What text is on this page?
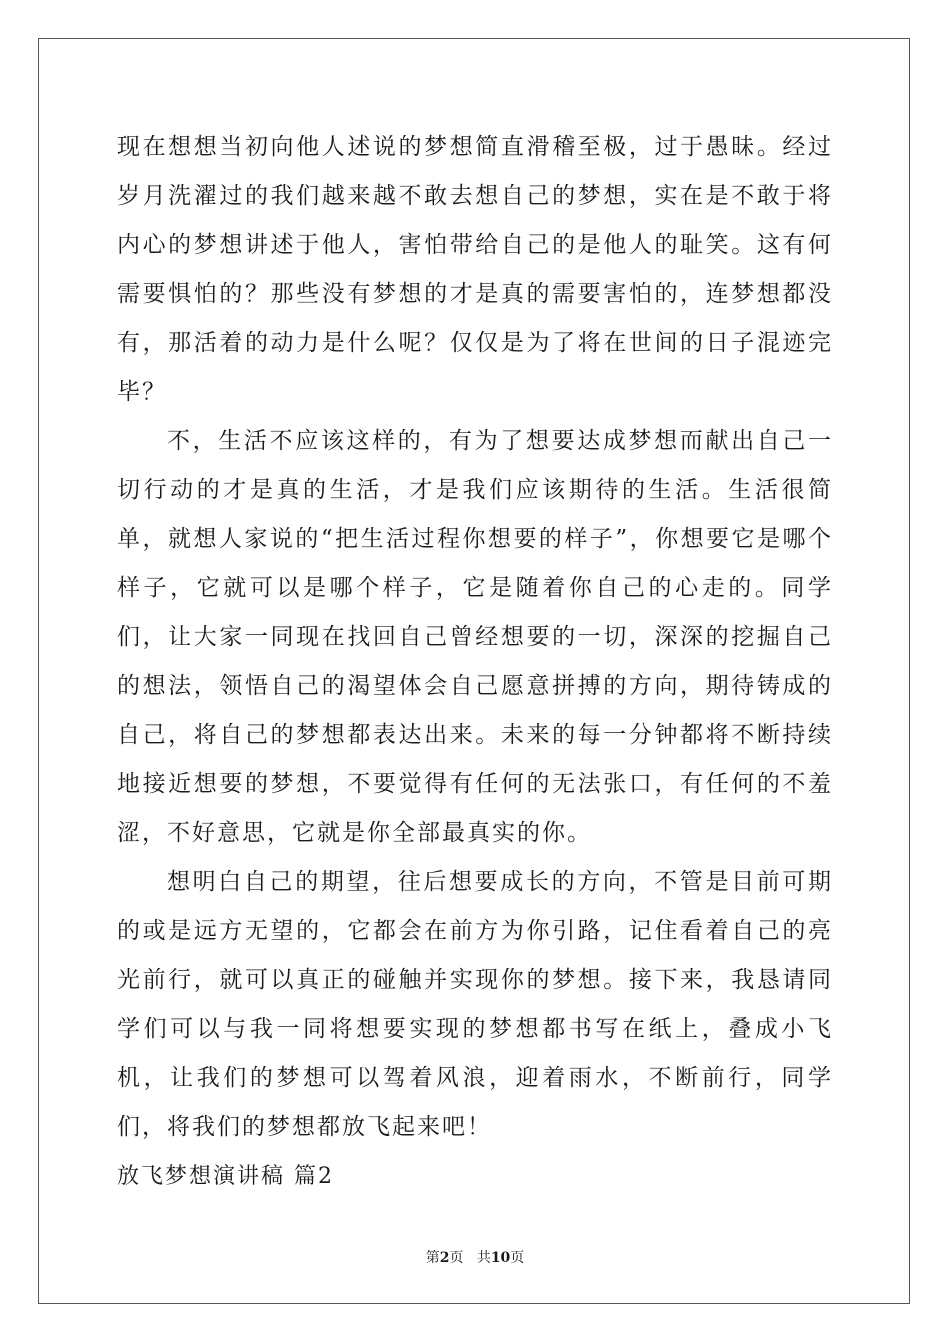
现在想想当初向他人述说的梦想简直滑稽至极，过于愚昧。经过岁月洗濯过的我们越来越不敢去想自己的梦想，实在是不敢于将内心的梦想讲述于他人，害怕带给自己的是他人的耻笑。这有何需要惧怕的？那些没有梦想的才是真的需要害怕的，连梦想都没有，那活着的动力是什么呢？仅仅是为了将在世间的日子混迹完毕？

不，生活不应该这样的，有为了想要达成梦想而献出自己一切行动的才是真的生活，才是我们应该期待的生活。生活很简单，就想人家说的“把生活过程你想要的样子”，你想要它是哪个样子，它就可以是哪个样子，它是随着你自己的心走的。同学们，让大家一同现在找回自己曾经想要的一切，深深的挖掘自己的想法，领悟自己的渴望体会自己愿意拼搏的方向，期待铸成的自己，将自己的梦想都表达出来。未来的每一分钟都将不断持续地接近想要的梦想，不要觉得有任何的无法张口，有任何的不羞涩，不好意思，它就是你全部最真实的你。

想明白自己的期望，往后想要成长的方向，不管是目前可期的或是远方无望的，它都会在前方为你引路，记住看着自己的亮光前行，就可以真正的碰触并实现你的梦想。接下来，我恳请同学们可以与我一同将想要实现的梦想都书写在纸上，叠成小飞机，让我们的梦想可以驾着风浪，迎着雨水，不断前行，同学们，将我们的梦想都放飞起来吧！

放飞梦想演讲稿 篇2

第2页 共10页
